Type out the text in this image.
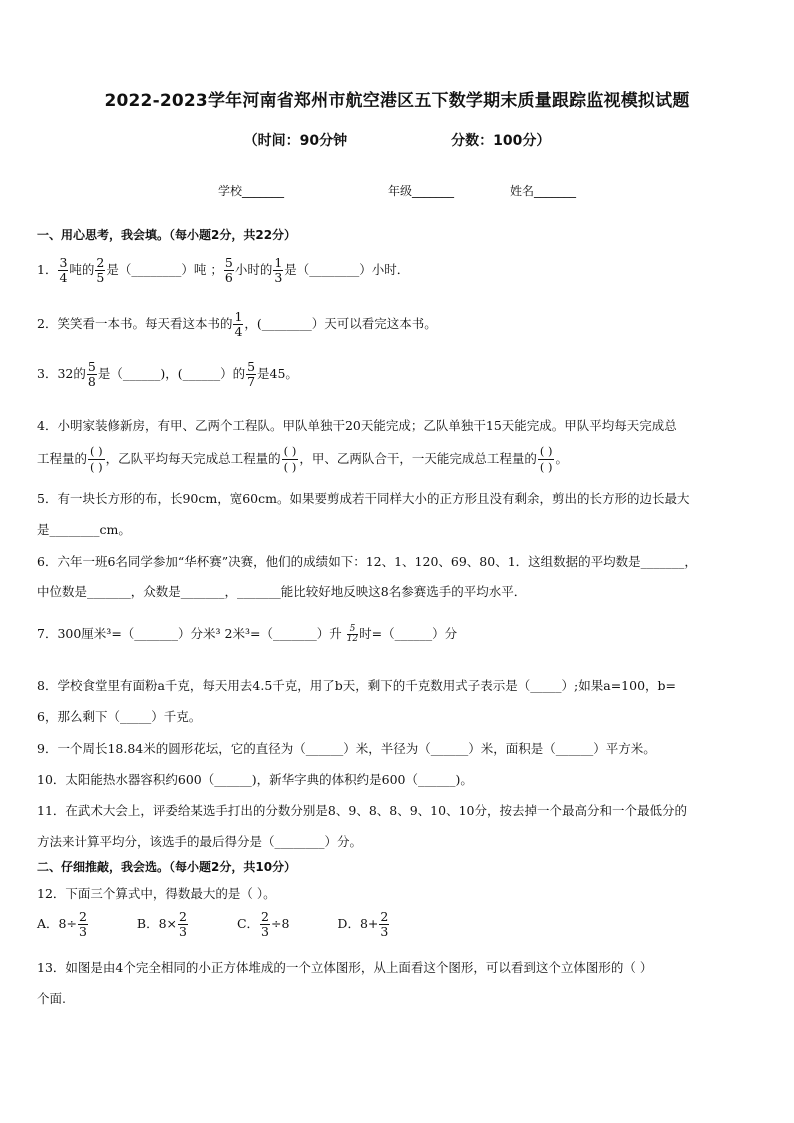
2022-2023学年河南省郑州市航空港区五下数学期末质量跟踪监视模拟试题
（时间：90分钟	分数：100分）
学校_______	年级_______	姓名_______
一、用心思考，我会填。（每小题2分，共22分）
1． $\frac{3}{4}$ 吨的 $\frac{2}{5}$ 是（________）吨 ； $\frac{5}{6}$ 小时的 $\frac{1}{3}$ 是（________）小时．
2．笑笑看一本书。每天看这本书的 $\frac{1}{4}$ ，(________）天可以看完这本书。
3．32的 $\frac{5}{8}$ 是（______)，(______）的 $\frac{5}{7}$ 是45。
4．小明家装修新房，有甲、乙两个工程队。甲队单独干20天能完成；乙队单独干15天能完成。甲队平均每天完成总
工程量的 $\frac{( )}{( )}$ ，乙队平均每天完成总工程量的 $\frac{( )}{( )}$ ，甲、乙两队合干，一天能完成总工程量的 $\frac{( )}{( )}$ 。
5．有一块长方形的布，长90cm，宽60cm。如果要剪成若干同样大小的正方形且没有剩余，剪出的长方形的边长最大
是________cm。
6．六年一班6名同学参加“华杯赛”决赛，他们的成绩如下：12、1、120、69、80、1．这组数据的平均数是_______，
中位数是_______，众数是_______，_______能比较好地反映这8名参赛选手的平均水平．
7．300厘米³=（_______）分米³ 2米³=（_______）升 $\frac{5}{12}$ 时=（______）分
8．学校食堂里有面粉a千克，每天用去4.5千克，用了b天，剩下的千克数用式子表示是（_____）;如果a=100，b=
6，那么剩下（_____）千克。
9．一个周长18.84米的圆形花坛，它的直径为（______）米，半径为（______）米，面积是（______）平方米。
10．太阳能热水器容积约600（______)，新华字典的体积约是600（______)。
11．在武术大会上，评委给某选手打出的分数分别是8、9、8、8、9、10、10分，按去掉一个最高分和一个最低分的
方法来计算平均分，该选手的最后得分是（________）分。
二、仔细推敲，我会选。（每小题2分，共10分）
12．下面三个算式中，得数最大的是（ ）。
A．$8\div \frac{2}{3}$	B．$8\times \frac{2}{3}$	C． $\frac{2}{3} \div 8$	D．$8+ \frac{2}{3}$
13．如图是由4个完全相同的小正方体堆成的一个立体图形，从上面看这个图形，可以看到这个立体图形的（ ）
个面.
